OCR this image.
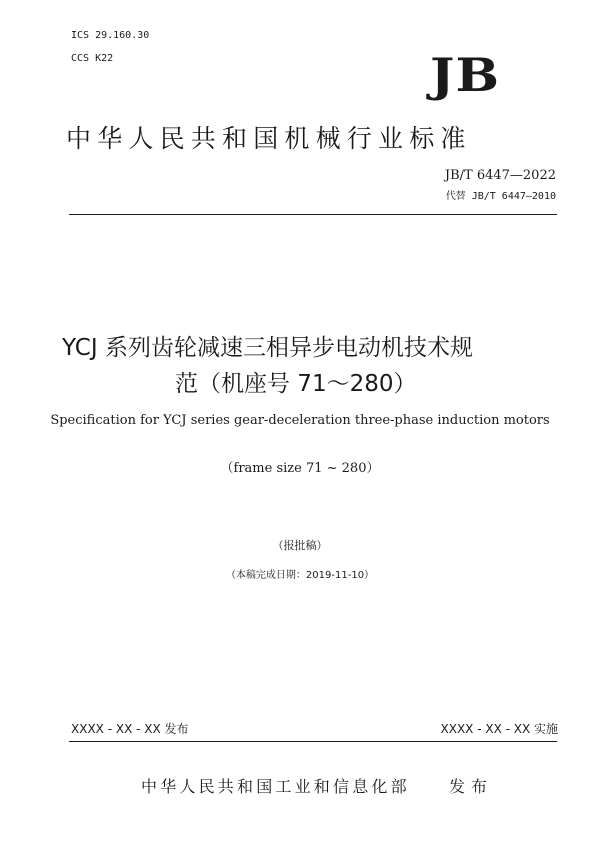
ICS 29.160.30
CCS K22	JB
中华人民共和国机械行业标准
JB/T 6447—2022
代替 JB/T 6447—2010
YCJ 系列齿轮减速三相异步电动机技术规
范（机座号 71～280）
Specification for YCJ series gear-deceleration three-phase induction motors
（frame size 71 ~ 280）
（报批稿）
（本稿完成日期：2019-11-10）
XXXX - XX - XX 发布	XXXX - XX - XX 实施
中华人民共和国工业和信息化部 发布
